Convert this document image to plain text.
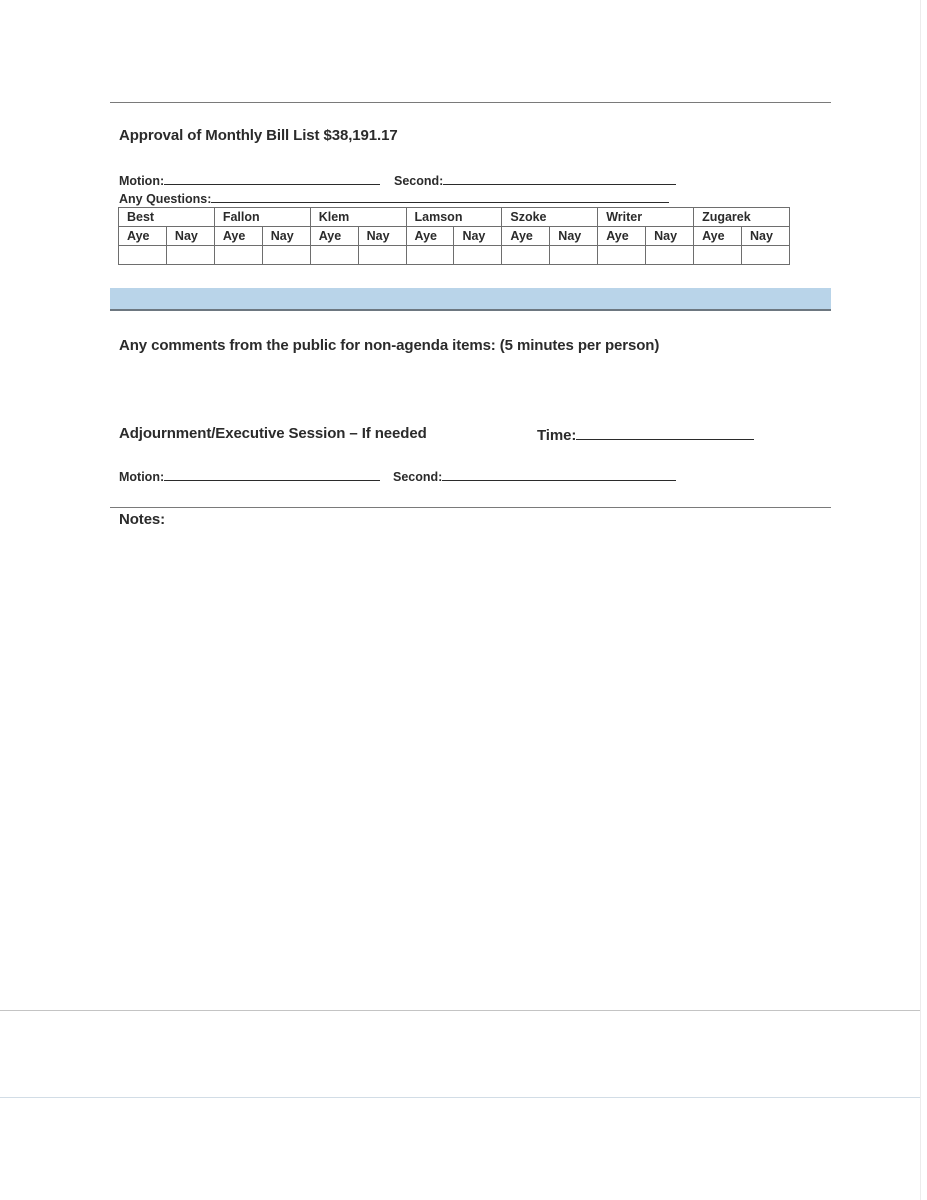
Approval of Monthly Bill List $38,191.17
Motion:	Second:
Any Questions:
Best		Fallon		Klem		Lamson		Szoke		Writer		Zugarek	
Aye	Nay	Aye	Nay	Aye	Nay	Aye	Nay	Aye	Nay	Aye	Nay	Aye	Nay

Any comments from the public for non-agenda items: (5 minutes per person)
Adjournment/Executive Session – If needed	Time:
Motion:	Second:
Notes:
